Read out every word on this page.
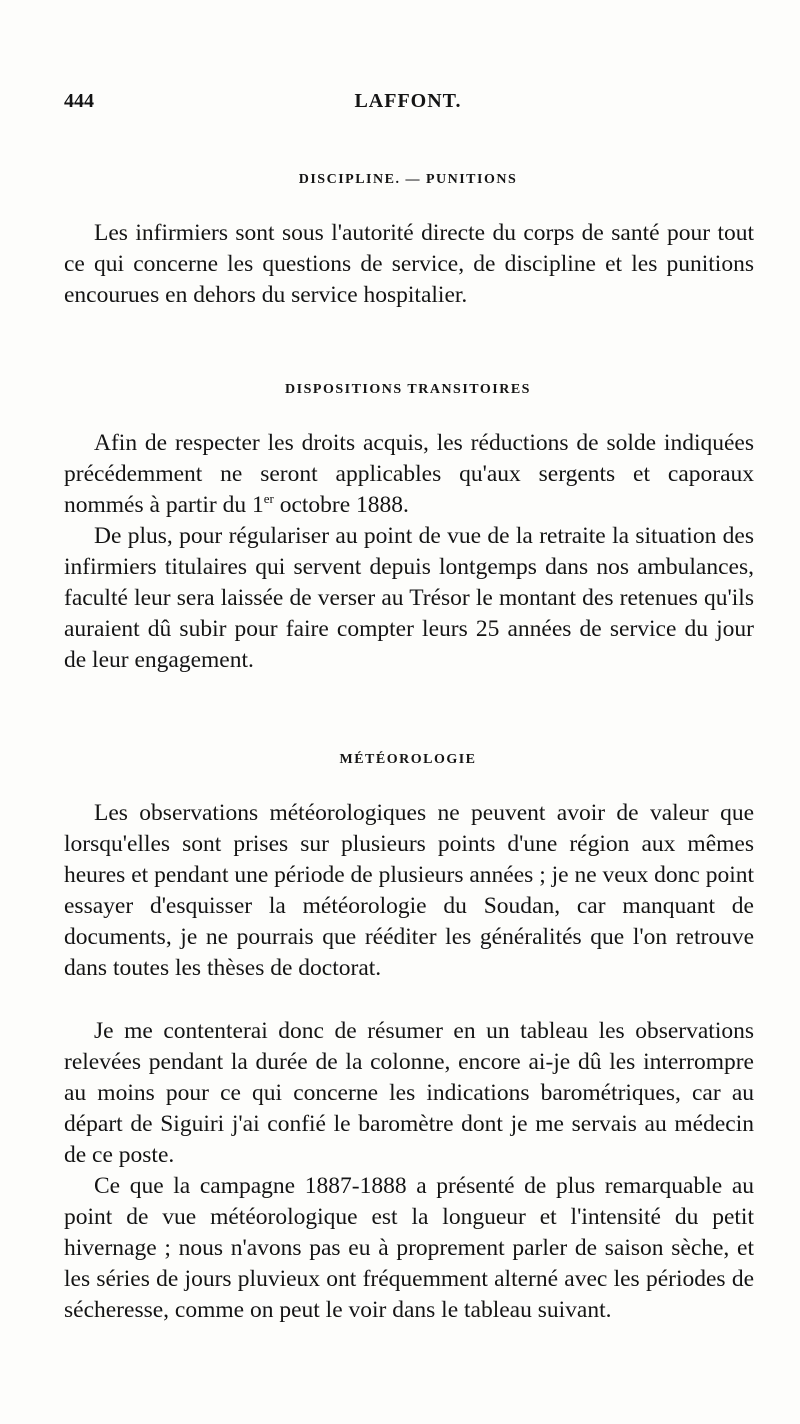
444	LAFFONT.
DISCIPLINE. — PUNITIONS

Les infirmiers sont sous l'autorité directe du corps de santé pour tout ce qui concerne les questions de service, de discipline et les punitions encourues en dehors du service hospitalier.

DISPOSITIONS TRANSITOIRES

Afin de respecter les droits acquis, les réductions de solde indiquées précédemment ne seront applicables qu'aux sergents et caporaux nommés à partir du 1er octobre 1888.

De plus, pour régulariser au point de vue de la retraite la situation des infirmiers titulaires qui servent depuis lontgemps dans nos ambulances, faculté leur sera laissée de verser au Trésor le montant des retenues qu'ils auraient dû subir pour faire compter leurs 25 années de service du jour de leur engagement.

MÉTÉOROLOGIE

Les observations météorologiques ne peuvent avoir de valeur que lorsqu'elles sont prises sur plusieurs points d'une région aux mêmes heures et pendant une période de plusieurs années ; je ne veux donc point essayer d'esquisser la météorologie du Soudan, car manquant de documents, je ne pourrais que rééditer les généralités que l'on retrouve dans toutes les thèses de doctorat.

Je me contenterai donc de résumer en un tableau les observations relevées pendant la durée de la colonne, encore ai-je dû les interrompre au moins pour ce qui concerne les indications barométriques, car au départ de Siguiri j'ai confié le baromètre dont je me servais au médecin de ce poste.

Ce que la campagne 1887-1888 a présenté de plus remarquable au point de vue météorologique est la longueur et l'intensité du petit hivernage ; nous n'avons pas eu à proprement parler de saison sèche, et les séries de jours pluvieux ont fréquemment alterné avec les périodes de sécheresse, comme on peut le voir dans le tableau suivant.
